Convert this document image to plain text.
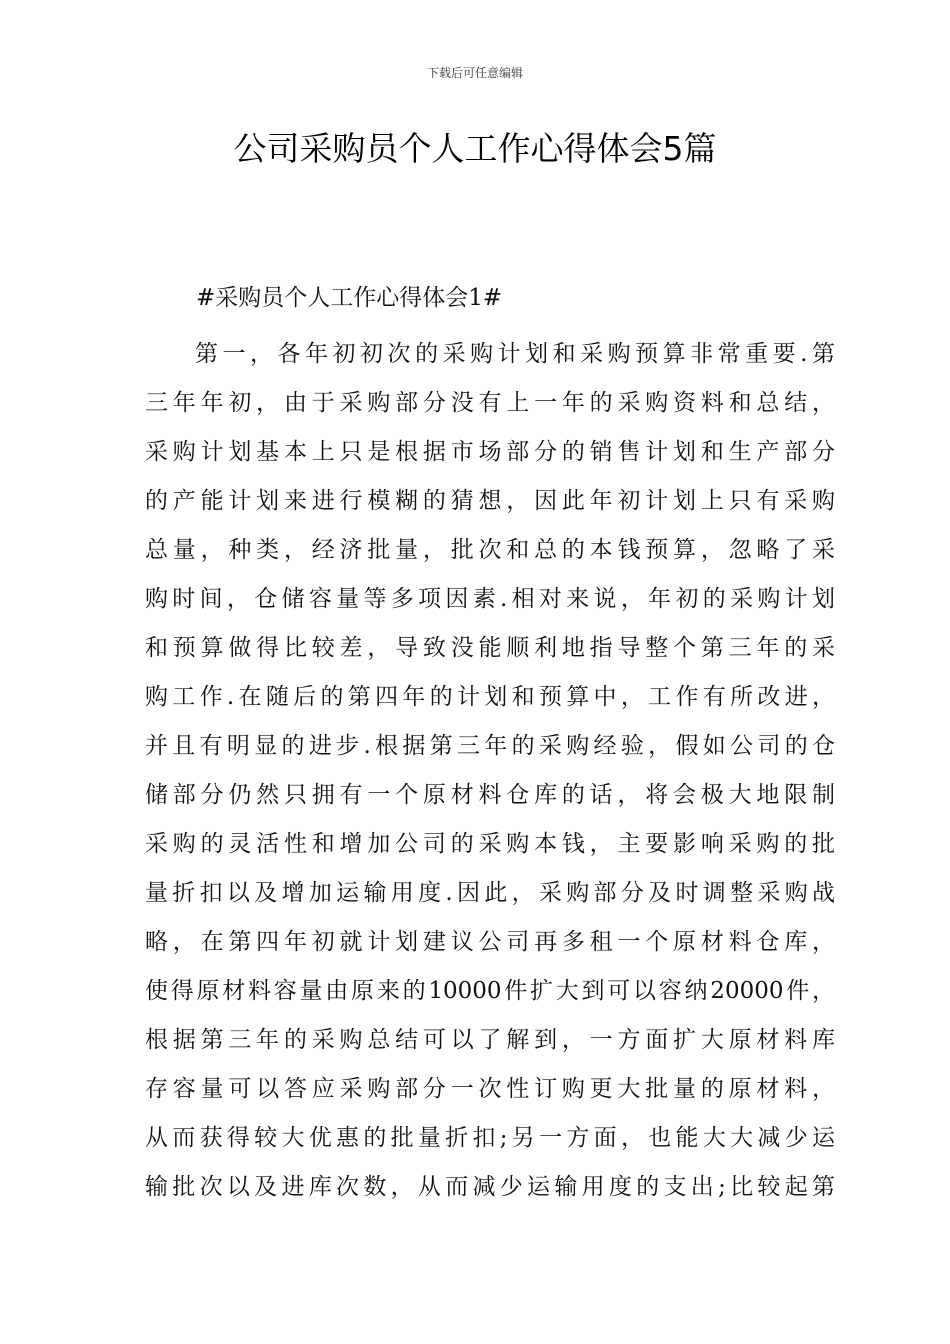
下载后可任意编辑
公司采购员个人工作心得体会5篇
#采购员个人工作心得体会1#
第一，各年初初次的采购计划和采购预算非常重要.第
三年年初，由于采购部分没有上一年的采购资料和总结，
采购计划基本上只是根据市场部分的销售计划和生产部分
的产能计划来进行模糊的猜想，因此年初计划上只有采购
总量，种类，经济批量，批次和总的本钱预算，忽略了采
购时间，仓储容量等多项因素.相对来说，年初的采购计划
和预算做得比较差，导致没能顺利地指导整个第三年的采
购工作.在随后的第四年的计划和预算中，工作有所改进，
并且有明显的进步.根据第三年的采购经验，假如公司的仓
储部分仍然只拥有一个原材料仓库的话，将会极大地限制
采购的灵活性和增加公司的采购本钱，主要影响采购的批
量折扣以及增加运输用度.因此，采购部分及时调整采购战
略，在第四年初就计划建议公司再多租一个原材料仓库，
使得原材料容量由原来的10000件扩大到可以容纳20000件，
根据第三年的采购总结可以了解到，一方面扩大原材料库
存容量可以答应采购部分一次性订购更大批量的原材料，
从而获得较大优惠的批量折扣;另一方面，也能大大减少运
输批次以及进库次数，从而减少运输用度的支出;比较起第
